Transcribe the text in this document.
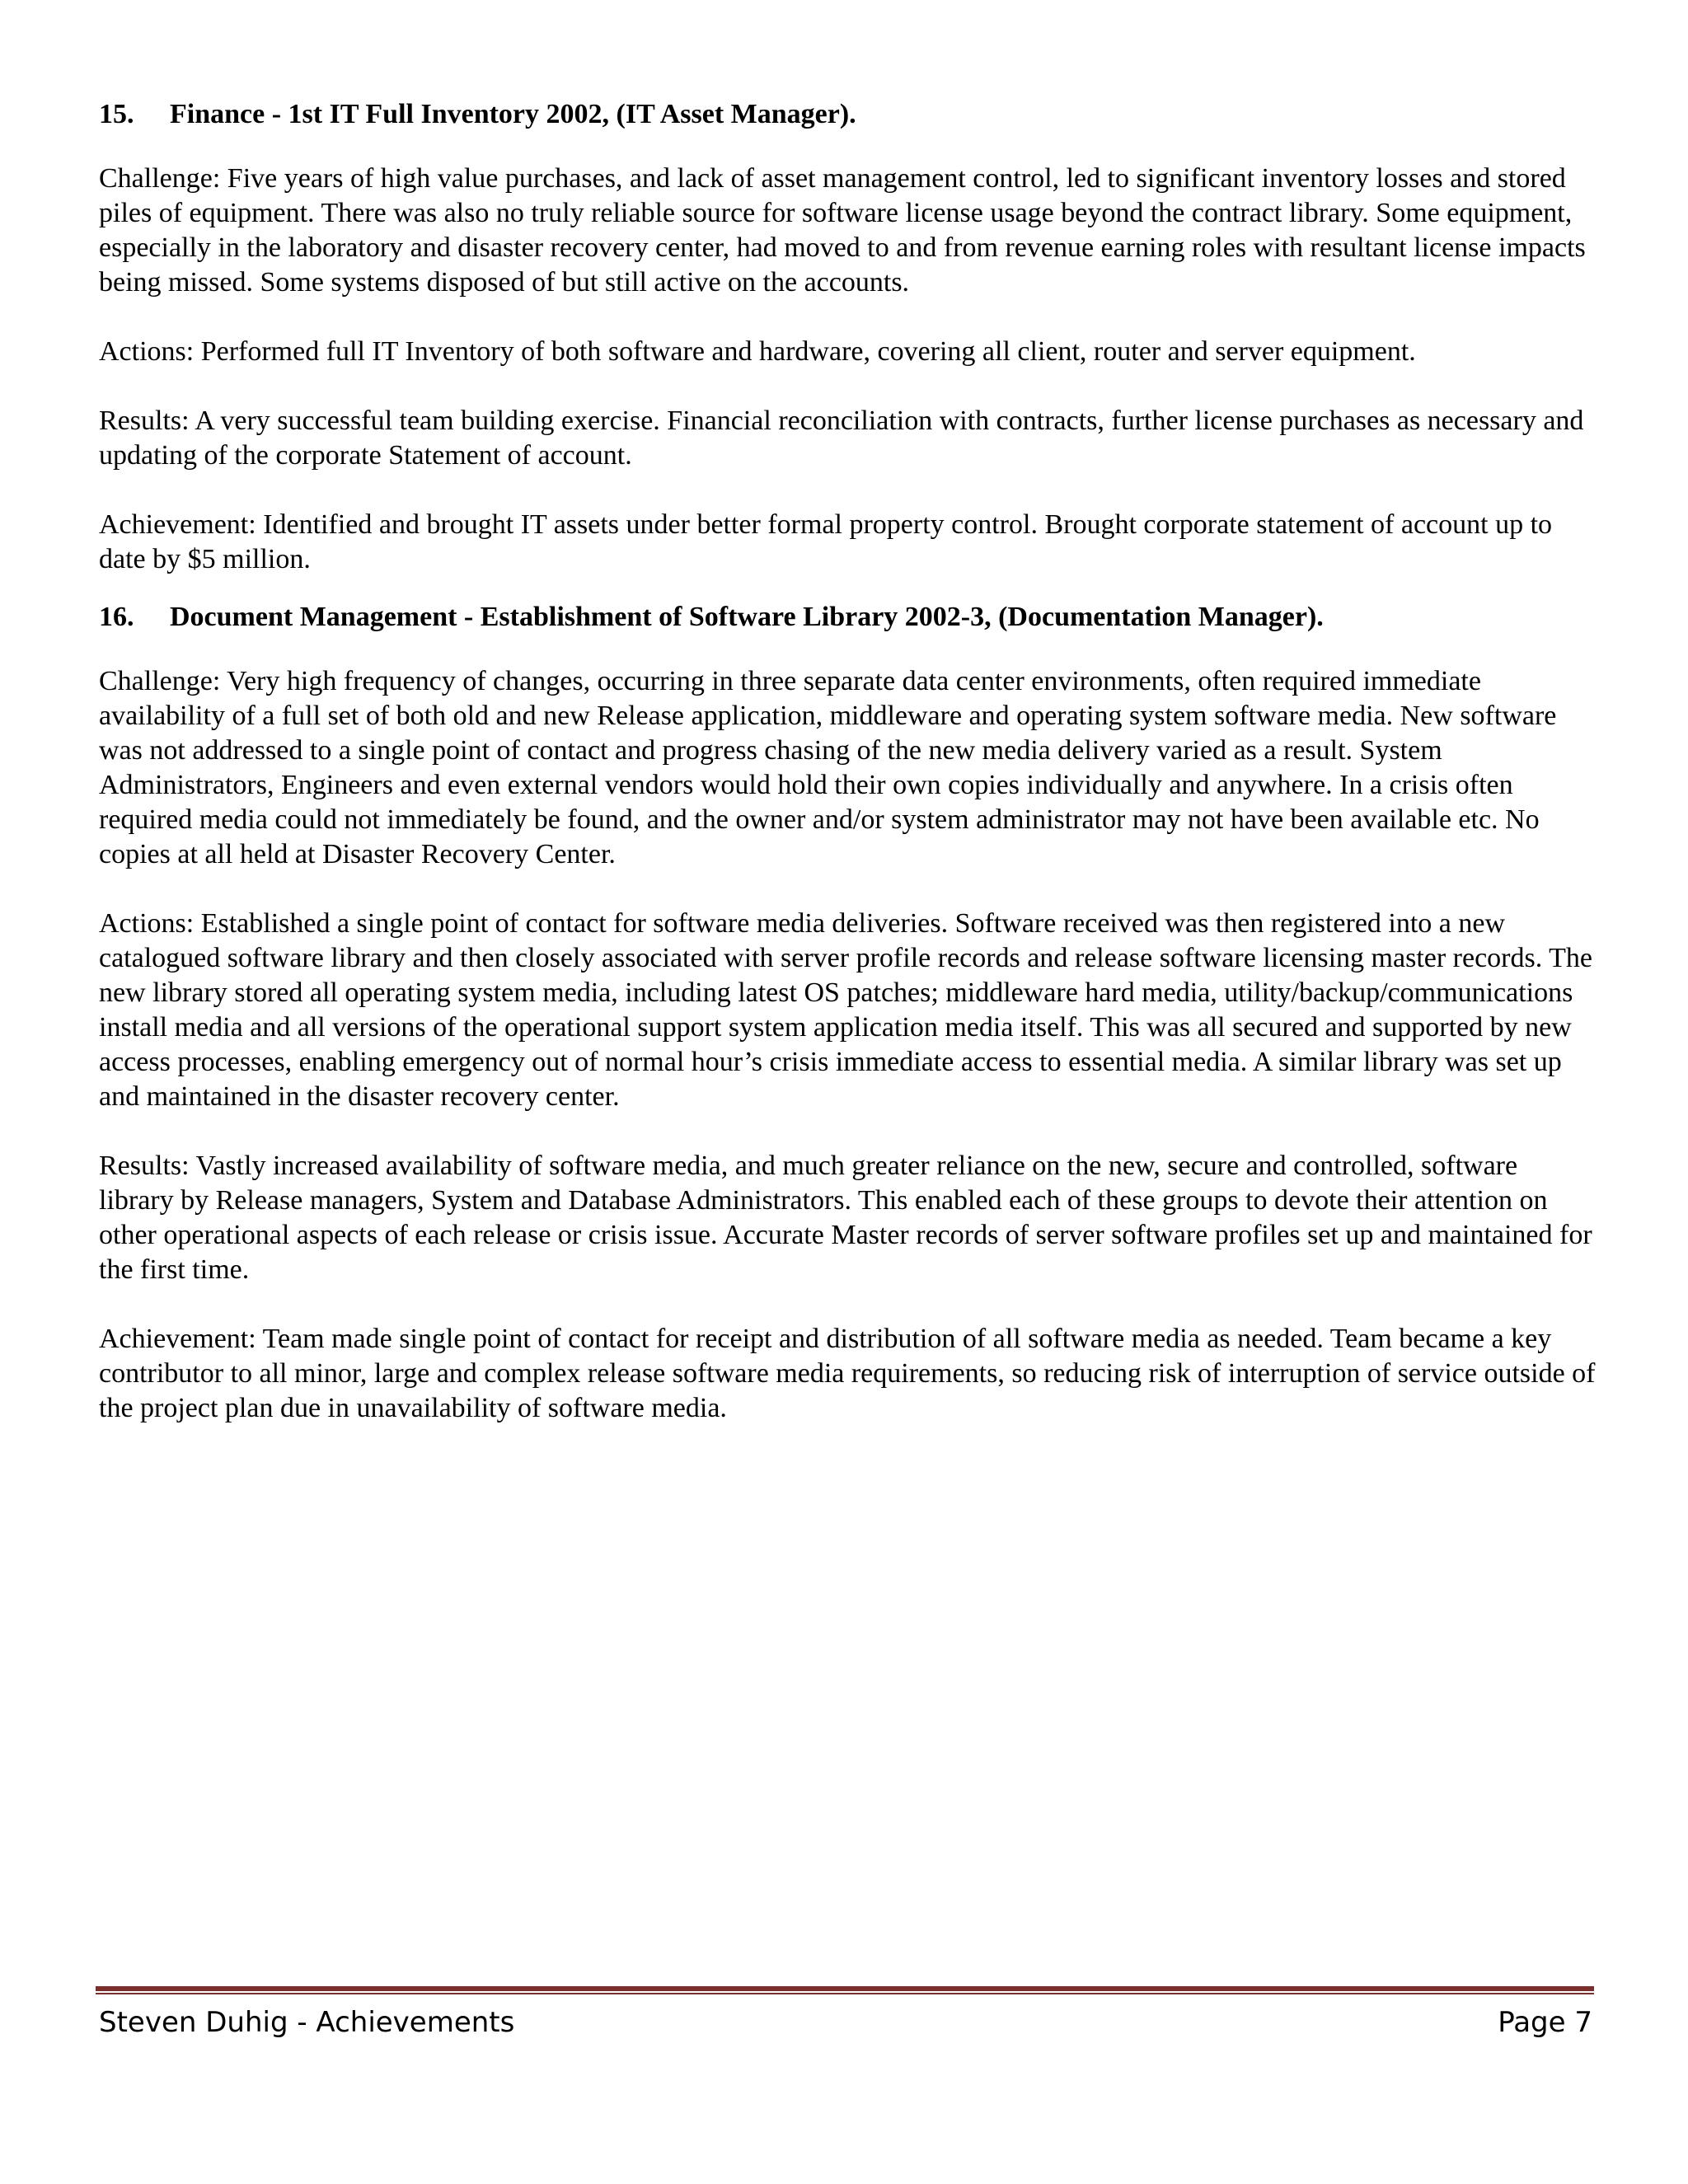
15.	Finance - 1st IT Full Inventory 2002, (IT Asset Manager).

Challenge: Five years of high value purchases, and lack of asset management control, led to significant inventory losses and stored piles of equipment. There was also no truly reliable source for software license usage beyond the contract library. Some equipment, especially in the laboratory and disaster recovery center, had moved to and from revenue earning roles with resultant license impacts being missed. Some systems disposed of but still active on the accounts.

Actions: Performed full IT Inventory of both software and hardware, covering all client, router and server equipment.

Results: A very successful team building exercise. Financial reconciliation with contracts, further license purchases as necessary and updating of the corporate Statement of account.

Achievement: Identified and brought IT assets under better formal property control. Brought corporate statement of account up to date by $5 million.

16.	Document Management - Establishment of Software Library 2002-3, (Documentation Manager).

Challenge: Very high frequency of changes, occurring in three separate data center environments, often required immediate availability of a full set of both old and new Release application, middleware and operating system software media. New software was not addressed to a single point of contact and progress chasing of the new media delivery varied as a result. System Administrators, Engineers and even external vendors would hold their own copies individually and anywhere. In a crisis often required media could not immediately be found, and the owner and/or system administrator may not have been available etc. No copies at all held at Disaster Recovery Center.

Actions: Established a single point of contact for software media deliveries. Software received was then registered into a new catalogued software library and then closely associated with server profile records and release software licensing master records. The new library stored all operating system media, including latest OS patches; middleware hard media, utility/backup/communications install media and all versions of the operational support system application media itself. This was all secured and supported by new access processes, enabling emergency out of normal hour’s crisis immediate access to essential media. A similar library was set up and maintained in the disaster recovery center.

Results: Vastly increased availability of software media, and much greater reliance on the new, secure and controlled, software library by Release managers, System and Database Administrators. This enabled each of these groups to devote their attention on other operational aspects of each release or crisis issue. Accurate Master records of server software profiles set up and maintained for the first time.

Achievement: Team made single point of contact for receipt and distribution of all software media as needed. Team became a key contributor to all minor, large and complex release software media requirements, so reducing risk of interruption of service outside of the project plan due in unavailability of software media.

Steven Duhig - Achievements	Page 7
